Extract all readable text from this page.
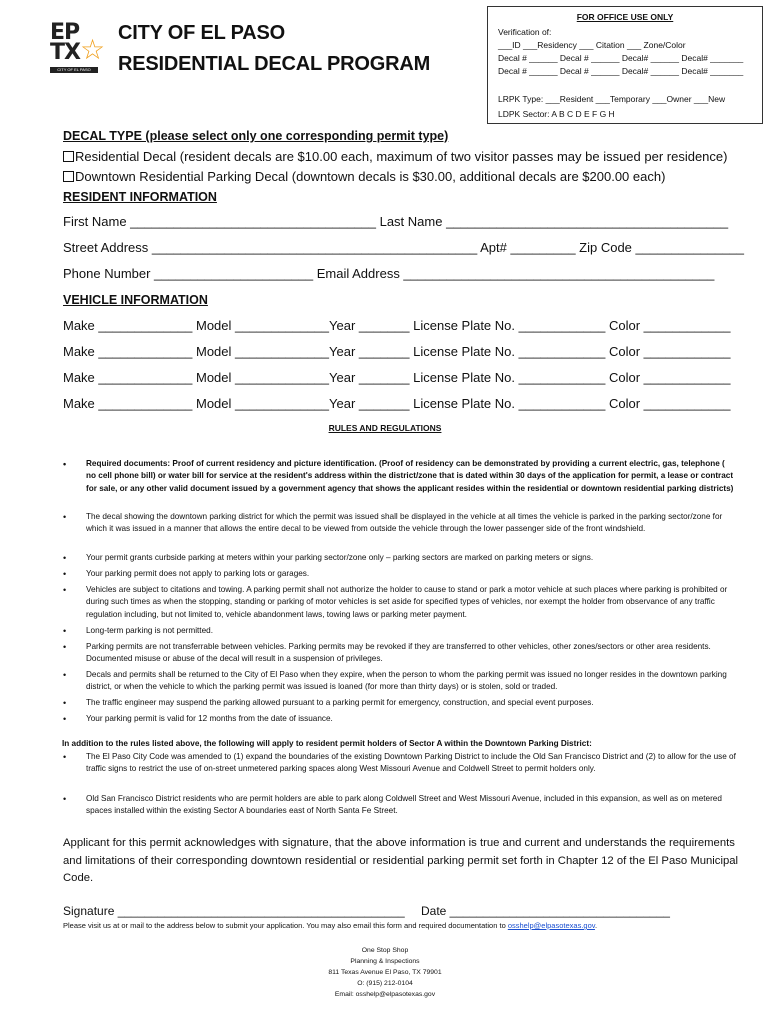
EP
TX ☆
CITY OF EL PASO
CITY OF EL PASO
RESIDENTIAL DECAL PROGRAM
FOR OFFICE USE ONLY
Verification of:
___ID ___Residency ___ Citation ___ Zone/Color
Decal # ______ Decal # ______ Decal# ______ Decal# _______
Decal # ______ Decal # ______ Decal# ______ Decal# _______
LRPK Type: ___Resident ___Temporary ___Owner ___New
LDPK Sector: A B C D E F G H
DECAL TYPE (please select only one corresponding permit type)
Residential Decal (resident decals are $10.00 each, maximum of two visitor passes may be issued per residence)
Downtown Residential Parking Decal (downtown decals is $30.00, additional decals are $200.00 each)
RESIDENT INFORMATION
First Name __________________________________ Last Name _______________________________________
Street Address _____________________________________________ Apt# _________ Zip Code _______________
Phone Number ______________________ Email Address ___________________________________________
VEHICLE INFORMATION
Make _____________ Model _____________Year _______ License Plate No. ____________ Color ____________
Make _____________ Model _____________Year _______ License Plate No. ____________ Color ____________
Make _____________ Model _____________Year _______ License Plate No. ____________ Color ____________
Make _____________ Model _____________Year _______ License Plate No. ____________ Color ____________
RULES AND REGULATIONS
• Required documents: Proof of current residency and picture identification. (Proof of residency can be demonstrated by providing a current electric, gas, telephone ( no cell phone bill) or water bill for service at the resident's address within the district/zone that is dated within 30 days of the application for permit, a lease or contract for sale, or any other valid document issued by a government agency that shows the applicant resides within the residential or downtown residential parking districts)
• The decal showing the downtown parking district for which the permit was issued shall be displayed in the vehicle at all times the vehicle is parked in the parking sector/zone for which it was issued in a manner that allows the entire decal to be viewed from outside the vehicle through the lower passenger side of the front windshield.
• Your permit grants curbside parking at meters within your parking sector/zone only – parking sectors are marked on parking meters or signs.
• Your parking permit does not apply to parking lots or garages.
• Vehicles are subject to citations and towing. A parking permit shall not authorize the holder to cause to stand or park a motor vehicle at such places where parking is prohibited or during such times as when the stopping, standing or parking of motor vehicles is set aside for specified types of vehicles, nor exempt the holder from observance of any traffic regulation including, but not limited to, vehicle abandonment laws, towing laws or parking meter payment.
• Long-term parking is not permitted.
• Parking permits are not transferrable between vehicles. Parking permits may be revoked if they are transferred to other vehicles, other zones/sectors or other area residents. Documented misuse or abuse of the decal will result in a suspension of privileges.
• Decals and permits shall be returned to the City of El Paso when they expire, when the person to whom the parking permit was issued no longer resides in the downtown parking district, or when the vehicle to which the parking permit was issued is loaned (for more than thirty days) or is stolen, sold or traded.
• The traffic engineer may suspend the parking allowed pursuant to a parking permit for emergency, construction, and special event purposes.
• Your parking permit is valid for 12 months from the date of issuance.
In addition to the rules listed above, the following will apply to resident permit holders of Sector A within the Downtown Parking District:
• The El Paso City Code was amended to (1) expand the boundaries of the existing Downtown Parking District to include the Old San Francisco District and (2) to allow for the use of traffic signs to restrict the use of on-street unmetered parking spaces along West Missouri Avenue and Coldwell Street to permit holders only.
• Old San Francisco District residents who are permit holders are able to park along Coldwell Street and West Missouri Avenue, included in this expansion, as well as on metered spaces installed within the existing Sector A boundaries east of North Santa Fe Street.
Applicant for this permit acknowledges with signature, that the above information is true and current and understands the requirements and limitations of their corresponding downtown residential or residential parking permit set forth in Chapter 12 of the El Paso Municipal Code.
Signature ___________________________________________ Date _________________________________
Please visit us at or mail to the address below to submit your application. You may also email this form and required documentation to osshelp@elpasotexas.gov.
One Stop Shop
Planning & Inspections
811 Texas Avenue El Paso, TX 79901
O: (915) 212-0104
Email: osshelp@elpasotexas.gov
